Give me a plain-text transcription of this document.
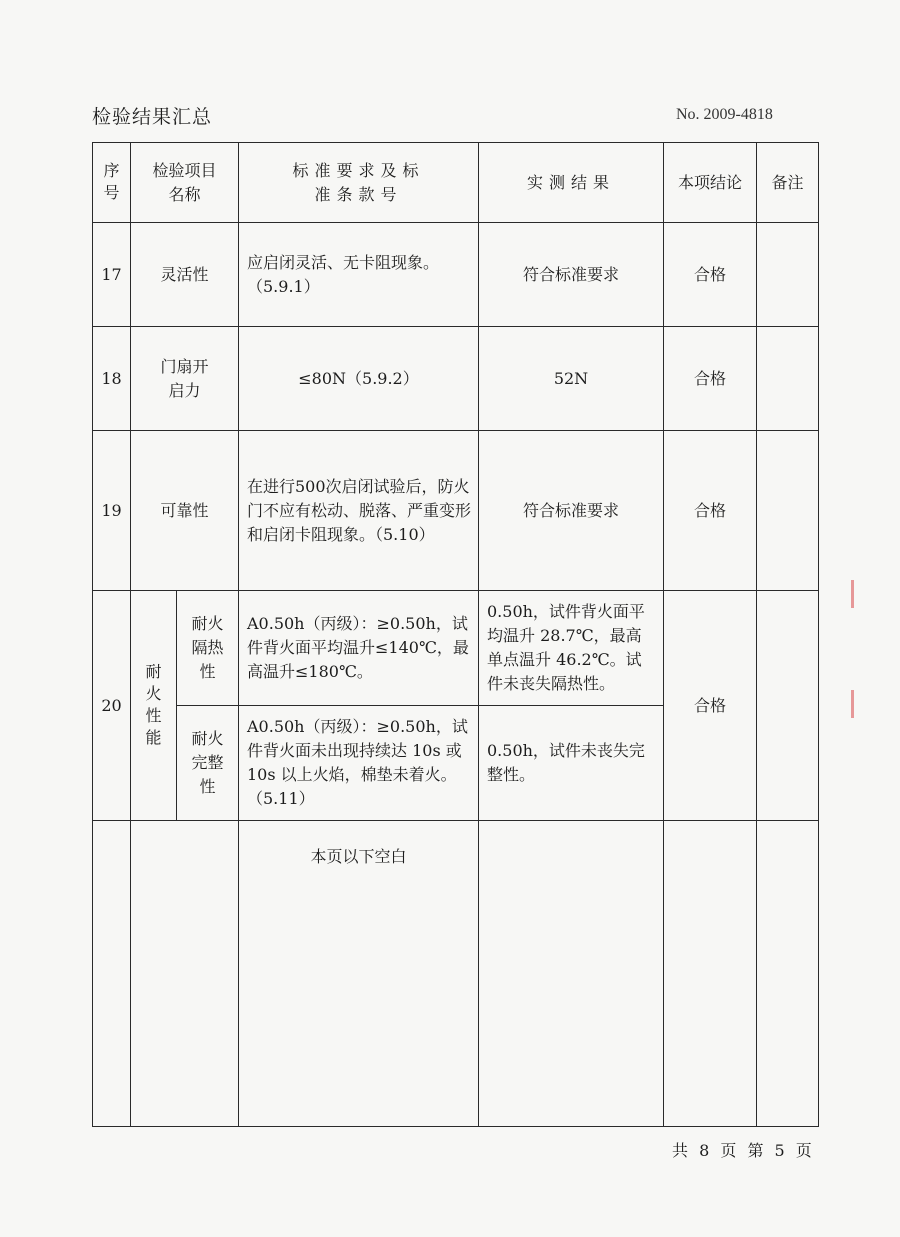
检验结果汇总	No. 2009-4818
序号	检验项目名称		标准要求及标准条款号	实测结果	本项结论	备注
17	灵活性		应启闭灵活、无卡阻现象。（5.9.1）	符合标准要求	合格	
18	门扇开启力		≤80N（5.9.2）	52N	合格	
19	可靠性		在进行500次启闭试验后，防火门不应有松动、脱落、严重变形和启闭卡阻现象。（5.10）	符合标准要求	合格	
20	耐火性能	耐火隔热性	A0.50h（丙级）：≥0.50h，试件背火面平均温升≤140℃，最高温升≤180℃。	0.50h，试件背火面平均温升 28.7℃，最高单点温升 46.2℃。试件未丧失隔热性。	合格	

		耐火完整性	A0.50h（丙级）：≥0.50h，试件背火面未出现持续达 10s 或 10s 以上火焰，棉垫未着火。（5.11）	0.50h，试件未丧失完整性。		
			本页以下空白			
共 8 页 第 5 页
